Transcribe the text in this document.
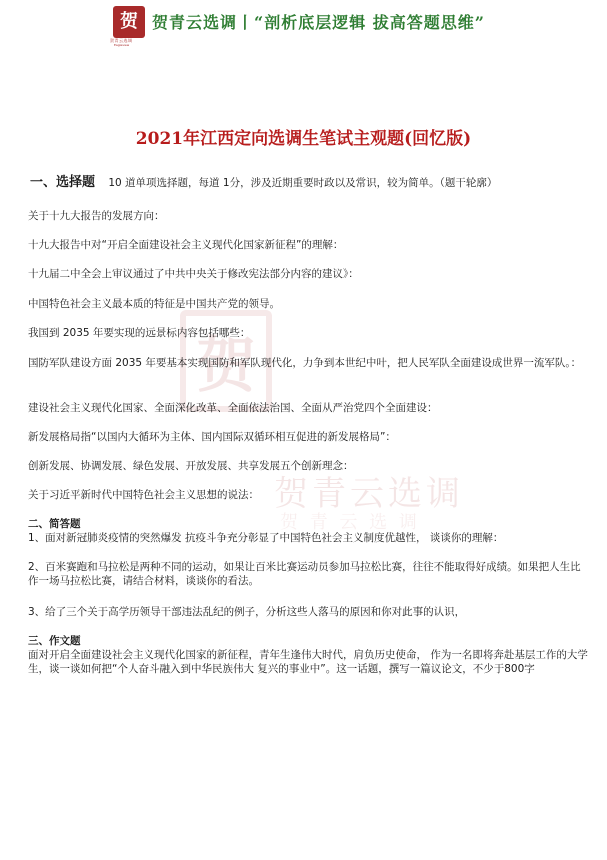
贺
贺青云选调
Eagleview
贺青云选调丨“剖析底层逻辑 拔高答题思维”
贺
贺青云选调
贺 青 云 选 调
2021年江西定向选调生笔试主观题(回忆版)
一、选择题 10 道单项选择题，每道 1分，涉及近期重要时政以及常识，较为简单。（题干轮廓）
关于十九大报告的发展方向：
十九大报告中对“开启全面建设社会主义现代化国家新征程”的理解：
十九届二中全会上审议通过了中共中央关于修改宪法部分内容的建议》：
中国特色社会主义最本质的特征是中国共产党的领导。
我国到 2035 年要实现的远景标内容包括哪些：
国防军队建设方面 2035 年要基本实现国防和军队现代化，力争到本世纪中叶，把人民军队全面建设成世界一流军队。：
建设社会主义现代化国家、全面深化改革、全面依法治国、全面从严治党四个全面建设：
新发展格局指“以国内大循环为主体、国内国际双循环相互促进的新发展格局”：
创新发展、协调发展、绿色发展、开放发展、共享发展五个创新理念：
关于习近平新时代中国特色社会主义思想的说法：
二、简答题
1、面对新冠肺炎疫情的突然爆发 抗疫斗争充分彰显了中国特色社会主义制度优越性， 谈谈你的理解：
2、百米赛跑和马拉松是两种不同的运动，如果让百米比赛运动员参加马拉松比赛，往往不能取得好成绩。如果把人生比作一场马拉松比赛，请结合材料，谈谈你的看法。
3、给了三个关于高学历领导干部违法乱纪的例子，分析这些人落马的原因和你对此事的认识，
三、作文题
面对开启全面建设社会主义现代化国家的新征程，青年生逢伟大时代，肩负历史使命， 作为一名即将奔赴基层工作的大学生，谈一谈如何把“个人奋斗融入到中华民族伟大 复兴的事业中”。这一话题，撰写一篇议论文，不少于800字
